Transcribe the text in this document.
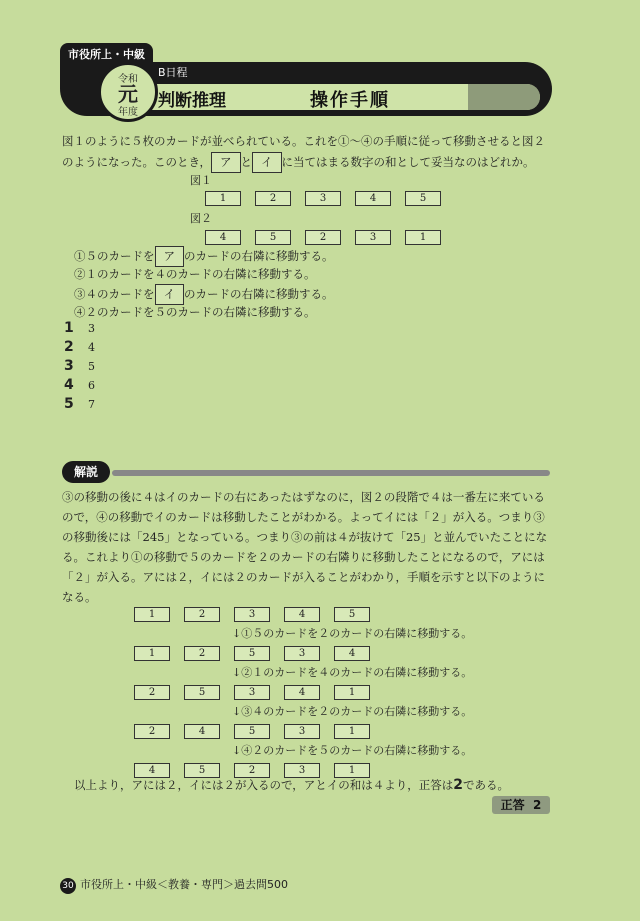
市役所上・中級
令和
元
年度
B日程
判断推理	操作手順
図１のように５枚のカードが並べられている。これを①～④の手順に従って移動させると図２
のようになった。このとき， ア と イ に当てはまる数字の和として妥当なのはどれか。
図１
1	2	3	4	5
図２
4	5	2	3	1
①５のカードを ア のカードの右隣に移動する。
②１のカードを４のカードの右隣に移動する。
③４のカードを イ のカードの右隣に移動する。
④２のカードを５のカードの右隣に移動する。
1 3
2 4
3 5
4 6
5 7
解説
③の移動の後に４はイのカードの右にあったはずなのに，図２の段階で４は一番左に来ている
ので，④の移動でイのカードは移動したことがわかる。よってイには「２」が入る。つまり③
の移動後には「245」となっている。つまり③の前は４が抜けて「25」と並んでいたことにな
る。これより①の移動で５のカードを２のカードの右隣りに移動したことになるので，アには
「２」が入る。アには２，イには２のカードが入ることがわかり，手順を示すと以下のように
なる。
1	2	3	4	5
↓①５のカードを２のカードの右隣に移動する。
1	2	5	3	4
↓②１のカードを４のカードの右隣に移動する。
2	5	3	4	1
↓③４のカードを２のカードの右隣に移動する。
2	4	5	3	1
↓④２のカードを５のカードの右隣に移動する。
4	5	2	3	1
以上より，アには２，イには２が入るので，アとイの和は４より，正答は2である。
正答 2
30 市役所上・中級＜教養・専門＞過去問500
